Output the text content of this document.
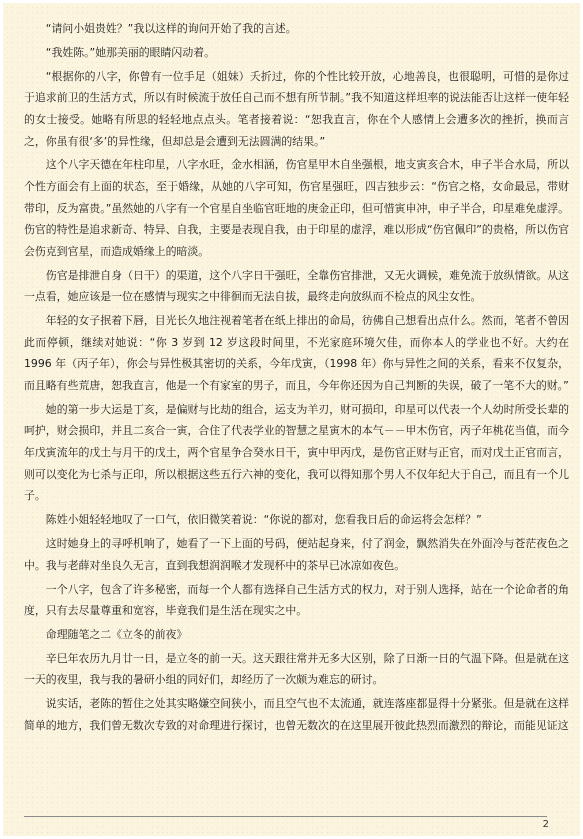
“请问小姐贵姓？”我以这样的询问开始了我的言述。

“我姓陈。”她那美丽的眼睛闪动着。

“根据你的八字，你曾有一位手足（姐妹）夭折过，你的个性比较开放，心地善良，也很聪明，可惜的是你过于追求前卫的生活方式，所以有时候流于放任自己而不想有所节制。”我不知道这样坦率的说法能否让这样一使年轻的女士接受。她略有所思的轻轻地点点头。笔者接着说：“恕我直言，你在个人感情上会遭多次的挫折，换而言之，你虽有很‘多’的异性缘，但却总是会遭到无法圆满的结果。”

这个八字天德在年柱印星，八字水旺，金水相涵，伤官星甲木自坐强根，地支寅亥合木，申子半合水局，所以个性方面会有上面的状态，至于婚缘，从她的八字可知，伤官星强旺，四吉独步云：“伤官之格，女命最忌，带财带印，反为富贵。”虽然她的八字有一个官星自坐临官旺地的庚金正印，但可惜寅申冲，申子半合，印星难免虚浮。伤官的特性是追求新奇、特异、自我，主要是表现自我，由于印星的虚浮，难以形成“伤官佩印”的贵格，所以伤官会伤克到官星，而造成婚缘上的暗淡。

伤官是排泄自身（日干）的渠道，这个八字日干强旺，全靠伤官排泄，又无火调候，难免流于放纵情欲。从这一点看，她应该是一位在感情与现实之中徘徊而无法自拔，最终走向放纵而不检点的风尘女性。

年轻的女子抿着下唇，目光长久地注视着笔者在纸上排出的命局，彷佛自己想看出点什么。然而，笔者不曾因此而停顿，继续对她说：“你 3 岁到 12 岁这段时间里，不光家庭环境欠佳，而你本人的学业也不好。大约在 1996 年（丙子年），你会与异性极其密切的关系，今年戊寅，（1998 年）你与异性之间的关系，看来不仅复杂，而且略有些荒唐，恕我直言，他是一个有家室的男子，而且，今年你还因为自己判断的失误，破了一笔不大的财。”

她的第一步大运是丁亥，是偏财与比劫的组合，运支为羊刃，财可损印，印星可以代表一个人幼时所受长辈的呵护，财会损印，并且二亥合一寅，合住了代表学业的智慧之星寅木的本气－－甲木伤官，丙子年桃花当值，而今年戊寅流年的戊土与月干的戊土，两个官星争合癸水日干，寅中甲丙戊，是伤官正财与正官，而对戊土正官而言，则可以变化为七杀与正印，所以根据这些五行六神的变化，我可以得知那个男人不仅年纪大于自己，而且有一个儿子。

陈姓小姐轻轻地叹了一口气，依旧微笑着说：“你说的都对，您看我日后的命运将会怎样？”

这时她身上的寻呼机响了，她看了一下上面的号码，便站起身来，付了润金，飘然消失在外面冷与苍茫夜色之中。我与老薛对坐良久无言，直到我想润润喉才发现杯中的茶早已冰凉如夜色。

一个八字，包含了许多秘密，而每一个人都有选择自己生活方式的权力，对于别人选择，站在一个论命者的角度，只有去尽量尊重和宽容，毕竟我们是生活在现实之中。

命理随笔之二《立冬的前夜》

辛巳年农历九月廿一日，是立冬的前一天。这天跟往常并无多大区别，除了日渐一日的气温下降。但是就在这一天的夜里，我与我的暑研小组的同好们，却经历了一次颇为难忘的研讨。

说实话，老陈的暂住之处其实略嫌空间狭小，而且空气也不太流通，就连落座都显得十分紧张。但是就在这样简单的地方，我们曾无数次专致的对命理进行探讨，也曾无数次的在这里展开彼此热烈而激烈的辩论，而能见证这

2
